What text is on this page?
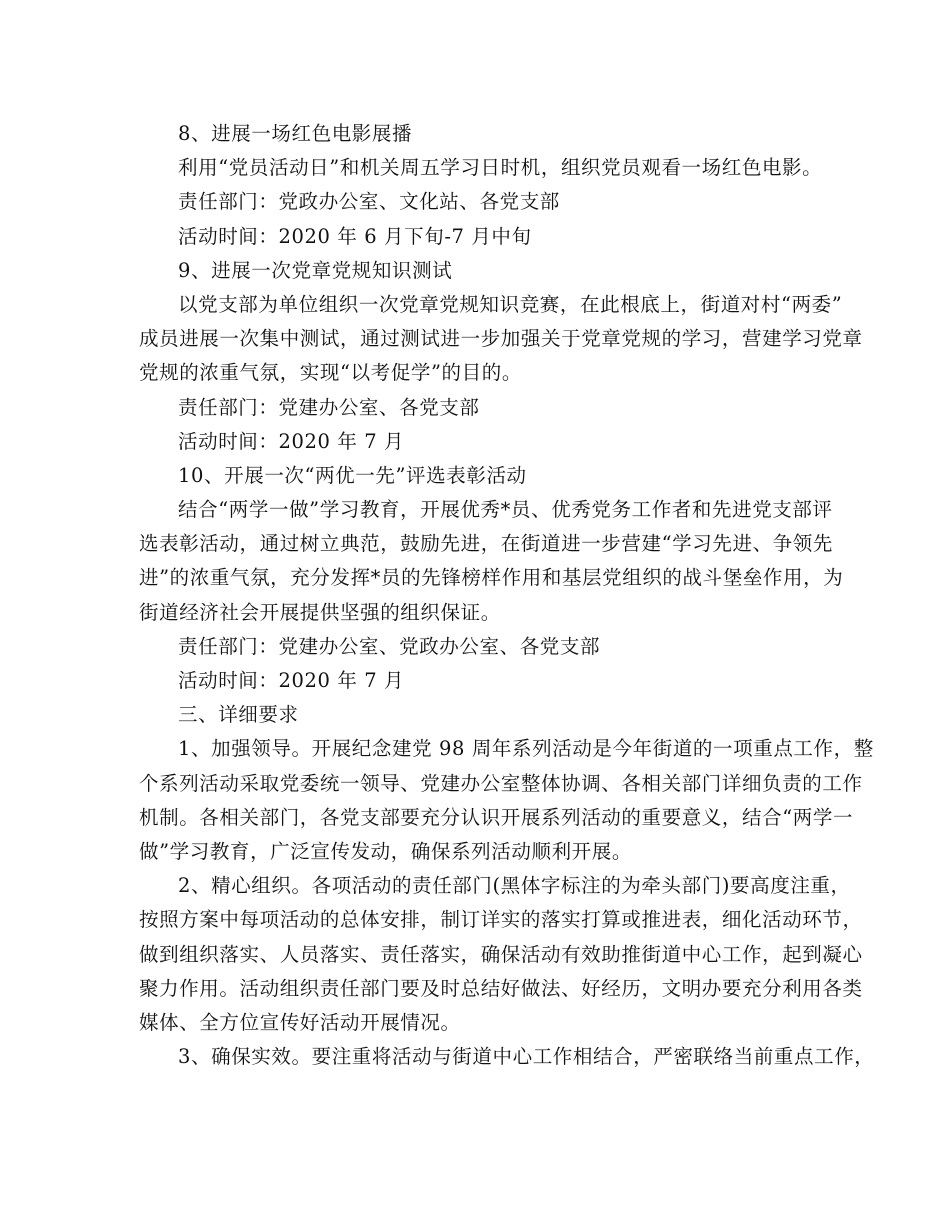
8、进展一场红色电影展播
利用“党员活动日”和机关周五学习日时机，组织党员观看一场红色电影。
责任部门：党政办公室、文化站、各党支部
活动时间：2020 年 6 月下旬-7 月中旬
9、进展一次党章党规知识测试
以党支部为单位组织一次党章党规知识竞赛，在此根底上，街道对村“两委”
成员进展一次集中测试，通过测试进一步加强关于党章党规的学习，营建学习党章
党规的浓重气氛，实现“以考促学”的目的。
责任部门：党建办公室、各党支部
活动时间：2020 年 7 月
10、开展一次“两优一先”评选表彰活动
结合“两学一做”学习教育，开展优秀*员、优秀党务工作者和先进党支部评
选表彰活动，通过树立典范，鼓励先进，在街道进一步营建“学习先进、争领先
进”的浓重气氛，充分发挥*员的先锋榜样作用和基层党组织的战斗堡垒作用，为
街道经济社会开展提供坚强的组织保证。
责任部门：党建办公室、党政办公室、各党支部
活动时间：2020 年 7 月
三、详细要求
1、加强领导。开展纪念建党 98 周年系列活动是今年街道的一项重点工作，整
个系列活动采取党委统一领导、党建办公室整体协调、各相关部门详细负责的工作
机制。各相关部门，各党支部要充分认识开展系列活动的重要意义，结合“两学一
做”学习教育，广泛宣传发动，确保系列活动顺利开展。
2、精心组织。各项活动的责任部门(黑体字标注的为牵头部门)要高度注重，
按照方案中每项活动的总体安排，制订详实的落实打算或推进表，细化活动环节，
做到组织落实、人员落实、责任落实，确保活动有效助推街道中心工作，起到凝心
聚力作用。活动组织责任部门要及时总结好做法、好经历，文明办要充分利用各类
媒体、全方位宣传好活动开展情况。
3、确保实效。要注重将活动与街道中心工作相结合，严密联络当前重点工作，
